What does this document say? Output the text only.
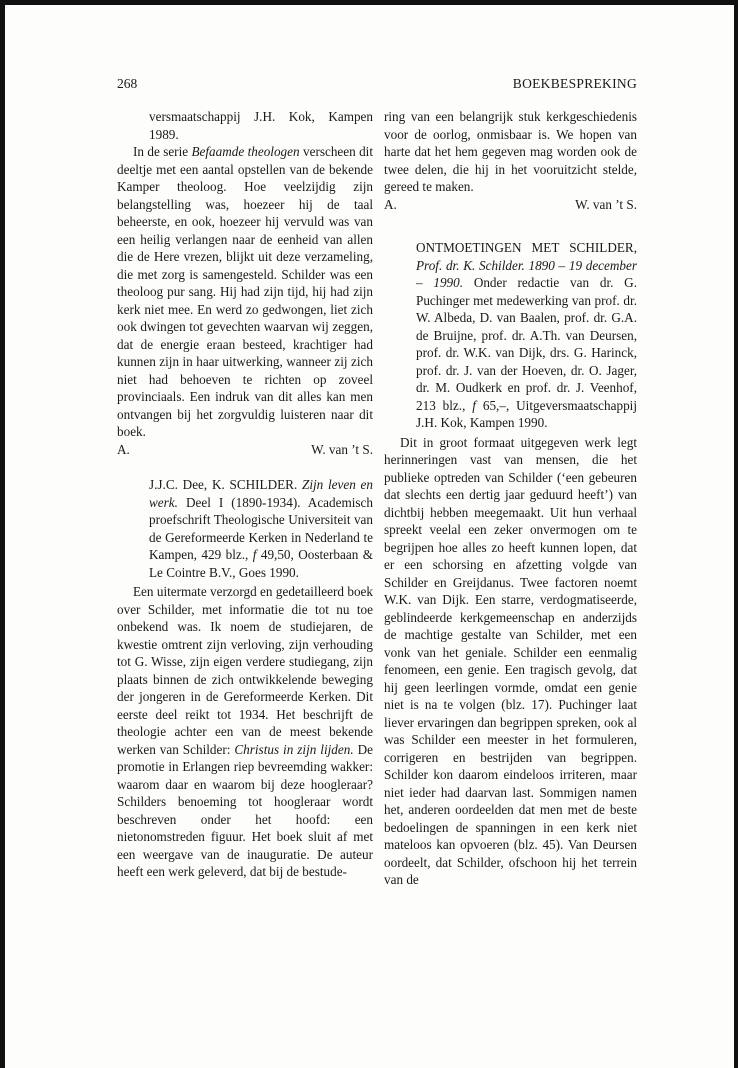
268	BOEKBESPREKING

versmaatschappij J.H. Kok, Kampen 1989.

In de serie Befaamde theologen verscheen dit deeltje met een aantal opstellen van de bekende Kamper theoloog. Hoe veelzijdig zijn belangstelling was, hoezeer hij de taal beheerste, en ook, hoezeer hij vervuld was van een heilig verlangen naar de eenheid van allen die de Here vrezen, blijkt uit deze verzameling, die met zorg is samengesteld. Schilder was een theoloog pur sang. Hij had zijn tijd, hij had zijn kerk niet mee. En werd zo gedwongen, liet zich ook dwingen tot gevechten waarvan wij zeggen, dat de energie eraan besteed, krachtiger had kunnen zijn in haar uitwerking, wanneer zij zich niet had behoeven te richten op zoveel provinciaals. Een indruk van dit alles kan men ontvangen bij het zorgvuldig luisteren naar dit boek.

A.	W. van ’t S.

J.J.C. Dee, K. SCHILDER. Zijn leven en werk. Deel I (1890-1934). Academisch proefschrift Theologische Universiteit van de Gereformeerde Kerken in Nederland te Kampen, 429 blz., f 49,50, Oosterbaan & Le Cointre B.V., Goes 1990.

Een uitermate verzorgd en gedetailleerd boek over Schilder, met informatie die tot nu toe onbekend was. Ik noem de studiejaren, de kwestie omtrent zijn verloving, zijn verhouding tot G. Wisse, zijn eigen verdere studiegang, zijn plaats binnen de zich ontwikkelende beweging der jongeren in de Gereformeerde Kerken. Dit eerste deel reikt tot 1934. Het beschrijft de theologie achter een van de meest bekende werken van Schilder: Christus in zijn lijden. De promotie in Erlangen riep bevreemding wakker: waarom daar en waarom bij deze hoogleraar? Schilders benoeming tot hoogleraar wordt beschreven onder het hoofd: een nietonomstreden figuur. Het boek sluit af met een weergave van de inauguratie. De auteur heeft een werk geleverd, dat bij de bestude-

ring van een belangrijk stuk kerkgeschiedenis voor de oorlog, onmisbaar is. We hopen van harte dat het hem gegeven mag worden ook de twee delen, die hij in het vooruitzicht stelde, gereed te maken.

A.	W. van ’t S.

ONTMOETINGEN MET SCHILDER, Prof. dr. K. Schilder. 1890 – 19 december – 1990. Onder redactie van dr. G. Puchinger met medewerking van prof. dr. W. Albeda, D. van Baalen, prof. dr. G.A. de Bruijne, prof. dr. A.Th. van Deursen, prof. dr. W.K. van Dijk, drs. G. Harinck, prof. dr. J. van der Hoeven, dr. O. Jager, dr. M. Oudkerk en prof. dr. J. Veenhof, 213 blz., f 65,–, Uitgeversmaatschappij J.H. Kok, Kampen 1990.

Dit in groot formaat uitgegeven werk legt herinneringen vast van mensen, die het publieke optreden van Schilder (‘een gebeuren dat slechts een dertig jaar geduurd heeft’) van dichtbij hebben meegemaakt. Uit hun verhaal spreekt veelal een zeker onvermogen om te begrijpen hoe alles zo heeft kunnen lopen, dat er een schorsing en afzetting volgde van Schilder en Greijdanus. Twee factoren noemt W.K. van Dijk. Een starre, verdogmatiseerde, geblindeerde kerkgemeenschap en anderzijds de machtige gestalte van Schilder, met een vonk van het geniale. Schilder een eenmalig fenomeen, een genie. Een tragisch gevolg, dat hij geen leerlingen vormde, omdat een genie niet is na te volgen (blz. 17). Puchinger laat liever ervaringen dan begrippen spreken, ook al was Schilder een meester in het formuleren, corrigeren en bestrijden van begrippen. Schilder kon daarom eindeloos irriteren, maar niet ieder had daarvan last. Sommigen namen het, anderen oordeelden dat men met de beste bedoelingen de spanningen in een kerk niet mateloos kan opvoeren (blz. 45). Van Deursen oordeelt, dat Schilder, ofschoon hij het terrein van de
